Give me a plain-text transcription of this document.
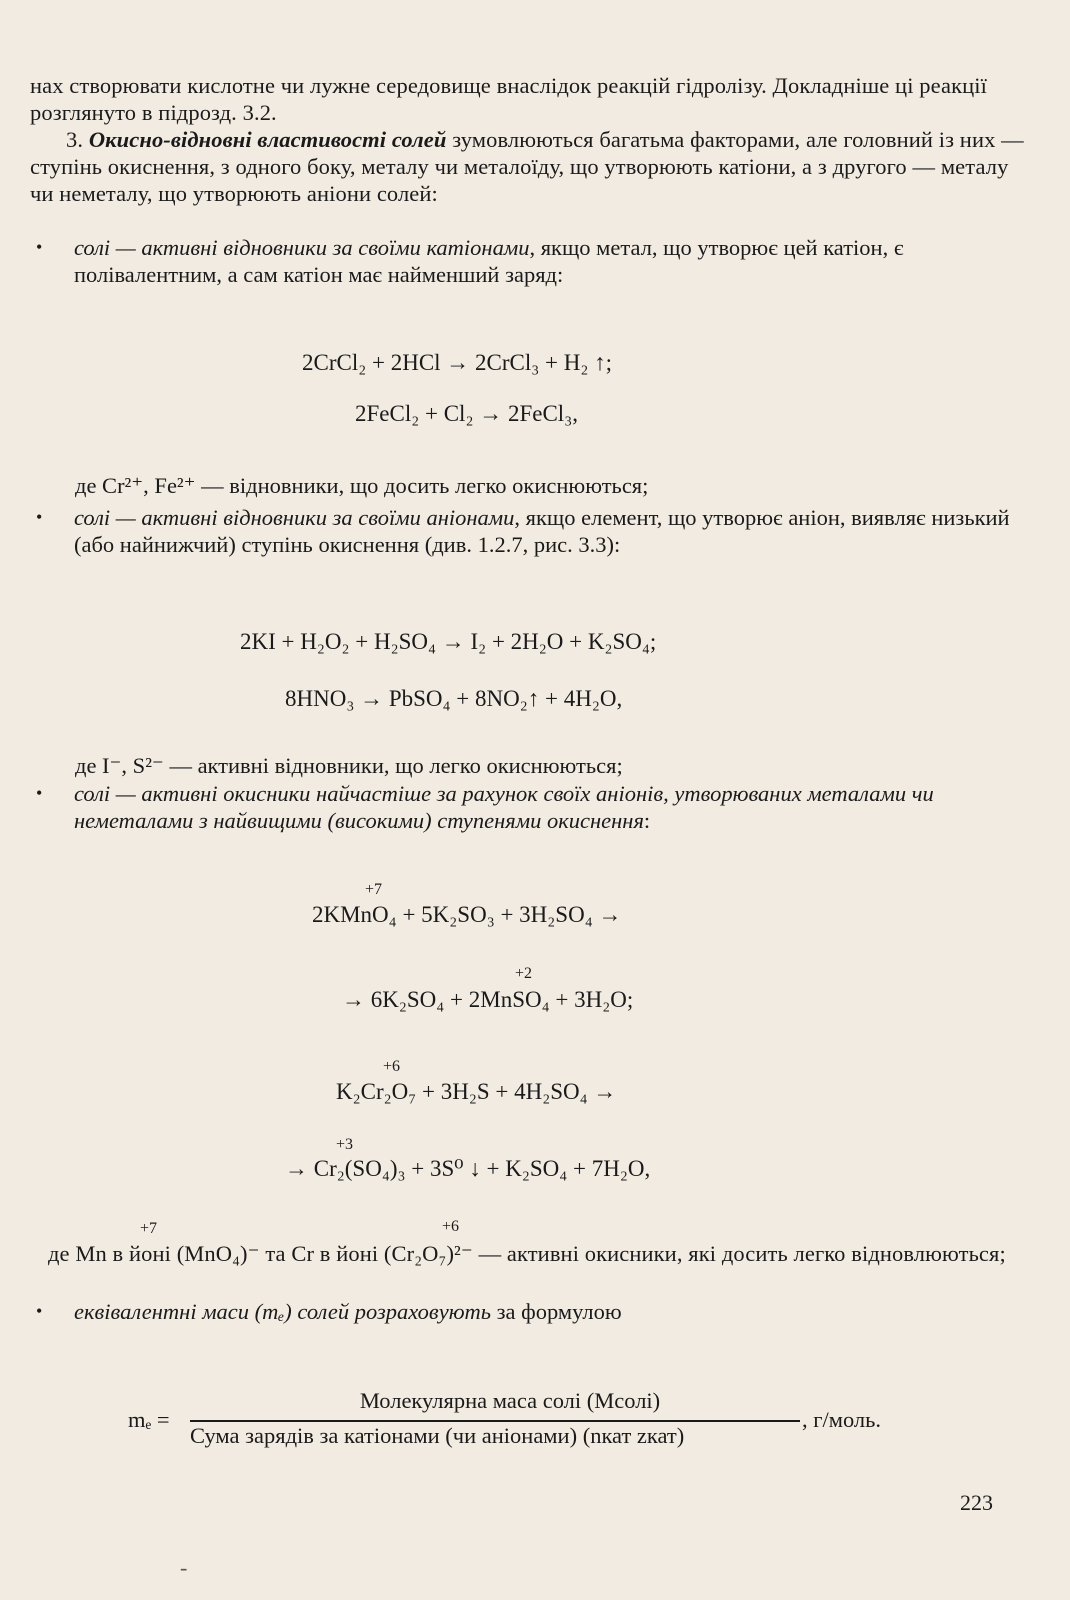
нах створювати кислотне чи лужне середовище внаслідок реакцій гідролізу. Докладніше ці реакції розглянуто в підрозд. 3.2.
3. Окисно-відновні властивості солей зумовлюються багатьма факторами, але головний із них — ступінь окиснення, з одного боку, металу чи металоїду, що утворюють катіони, а з другого — металу чи неметалу, що утворюють аніони солей:
• солі — активні відновники за своїми катіонами, якщо метал, що утворює цей катіон, є полівалентним, а сам катіон має найменший заряд:
2CrCl₂ + 2HCl → 2CrCl₃ + H₂ ↑;
2FeCl₂ + Cl₂ → 2FeCl₃,
де Cr²⁺, Fe²⁺ — відновники, що досить легко окиснюються;
• солі — активні відновники за своїми аніонами, якщо елемент, що утворює аніон, виявляє низький (або найнижчий) ступінь окиснення (див. 1.2.7, рис. 3.3):
2KI + H₂O₂ + H₂SO₄ → I₂ + 2H₂O + K₂SO₄;
8HNO₃ → PbSO₄ + 8NO₂↑ + 4H₂O,
де I⁻, S²⁻ — активні відновники, що легко окиснюються;
• солі — активні окисники найчастіше за рахунок своїх аніонів, утворюваних металами чи неметалами з найвищими (високими) ступенями окиснення:
+7
2KMnO₄ + 5K₂SO₃ + 3H₂SO₄ →
+2
→ 6K₂SO₄ + 2MnSO₄ + 3H₂O;
+6
K₂Cr₂O₇ + 3H₂S + 4H₂SO₄ →
+3
→ Cr₂(SO₄)₃ + 3S⁰ ↓ + K₂SO₄ + 7H₂O,
+7	+6
де Mn в йоні (MnO₄)⁻ та Cr в йоні (Cr₂O₇)²⁻ — активні окисники, які досить легко відновлюються;
• еквівалентні маси (mₑ) солей розраховують за формулою
mₑ =
Молекулярна маса солі (Mсолі)
Сума зарядів за катіонами (чи аніонами) (nкат zкат)
, г/моль.
223
-
